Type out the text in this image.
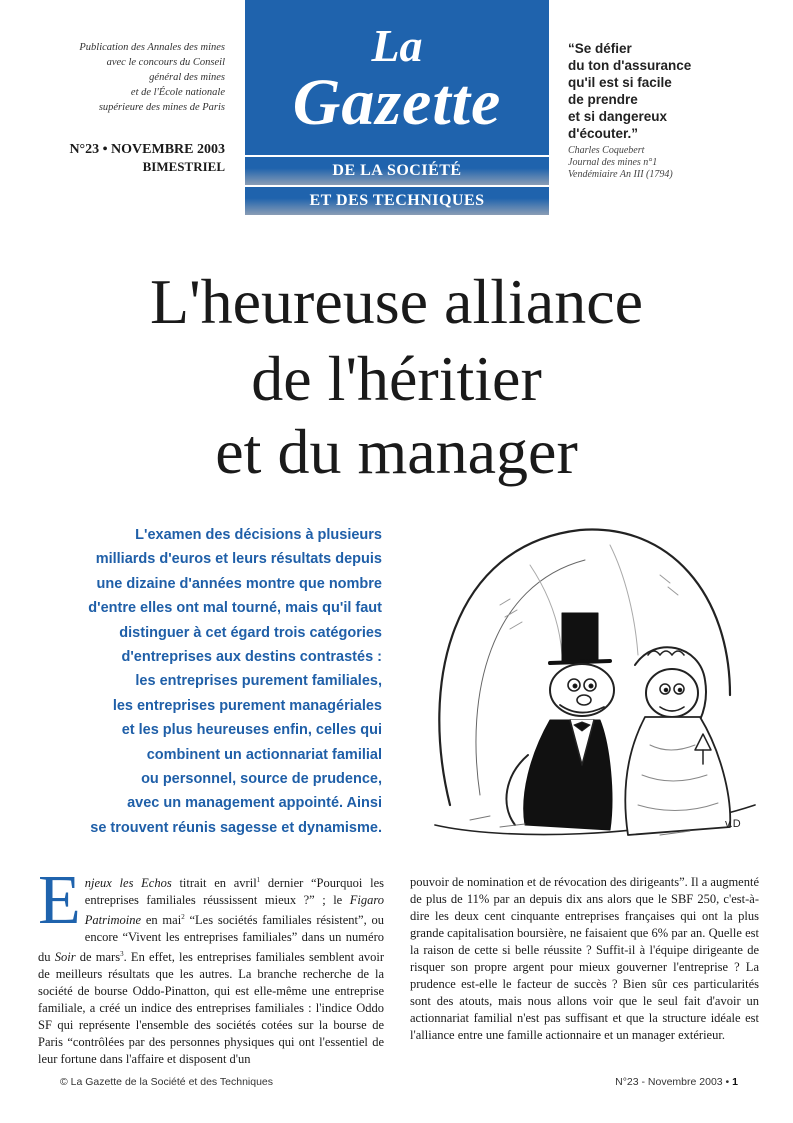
Publication des Annales des mines
avec le concours du Conseil
général des mines
et de l'École nationale
supérieure des mines de Paris
N°23 • NOVEMBRE 2003
BIMESTRIEL
La
Gazette
DE LA SOCIÉTÉ
ET DES TECHNIQUES
“Se défier
du ton d'assurance
qu'il est si facile
de prendre
et si dangereux
d'écouter.”
Charles Coquebert
Journal des mines n°1
Vendémiaire An III (1794)
L'heureuse alliance
de l'héritier
et du manager
L'examen des décisions à plusieurs
milliards d'euros et leurs résultats depuis
une dizaine d'années montre que nombre
d'entre elles ont mal tourné, mais qu'il faut
distinguer à cet égard trois catégories
d'entreprises aux destins contrastés :
les entreprises purement familiales,
les entreprises purement managériales
et les plus heureuses enfin, celles qui
combinent un actionnariat familial
ou personnel, source de prudence,
avec un management appointé. Ainsi
se trouvent réunis sagesse et dynamisme.	v.D
Enjeux les Echos titrait en avril$^1$ dernier “Pourquoi les entreprises familiales réussissent mieux ?” ; le Figaro Patrimoine en mai$^2$ “Les sociétés familiales résistent”, ou encore “Vivent les entreprises familiales” dans un numéro du Soir de mars$^3$. En effet, les entreprises familiales semblent avoir de meilleurs résultats que les autres. La branche recherche de la société de bourse Oddo-Pinatton, qui est elle-même une entreprise familiale, a créé un indice des entreprises familiales : l'indice Oddo SF qui représente l'ensemble des sociétés cotées sur la bourse de Paris “contrôlées par des personnes physiques qui ont l'essentiel de leur fortune dans l'affaire et disposent d'un
pouvoir de nomination et de révocation des dirigeants”. Il a augmenté de plus de 11% par an depuis dix ans alors que le SBF 250, c'est-à-dire les deux cent cinquante entreprises françaises qui ont la plus grande capitalisation boursière, ne faisaient que 6% par an. Quelle est la raison de cette si belle réussite ? Suffit-il à l'équipe dirigeante de risquer son propre argent pour mieux gouverner l'entreprise ? La prudence est-elle le facteur de succès ? Bien sûr ces particularités sont des atouts, mais nous allons voir que le seul fait d'avoir un actionnariat familial n'est pas suffisant et que la structure idéale est l'alliance entre une famille actionnaire et un manager extérieur.
© La Gazette de la Société et des Techniques	N°23 - Novembre 2003 • 1
